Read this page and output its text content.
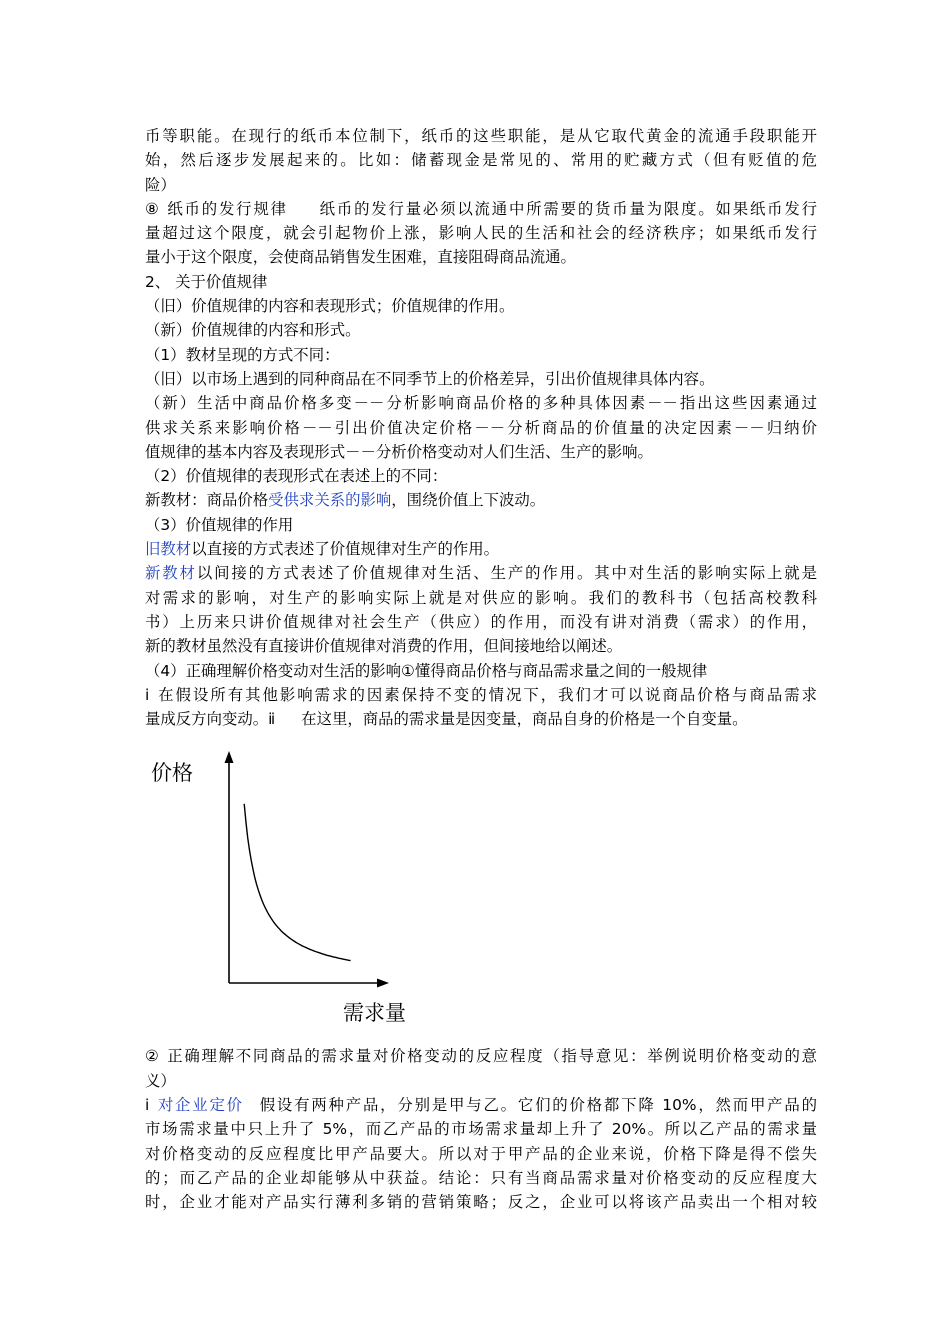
币等职能。在现行的纸币本位制下，纸币的这些职能，是从它取代黄金的流通手段职能开
始，然后逐步发展起来的。比如：储蓄现金是常见的、常用的贮藏方式（但有贬值的危
险）
⑧ 纸币的发行规律 纸币的发行量必须以流通中所需要的货币量为限度。如果纸币发行
量超过这个限度，就会引起物价上涨，影响人民的生活和社会的经济秩序；如果纸币发行
量小于这个限度，会使商品销售发生困难，直接阻碍商品流通。
2、 关于价值规律
（旧）价值规律的内容和表现形式；价值规律的作用。
（新）价值规律的内容和形式。
（1）教材呈现的方式不同：
（旧）以市场上遇到的同种商品在不同季节上的价格差异，引出价值规律具体内容。
（新）生活中商品价格多变－－分析影响商品价格的多种具体因素－－指出这些因素通过
供求关系来影响价格－－引出价值决定价格－－分析商品的价值量的决定因素－－归纳价
值规律的基本内容及表现形式－－分析价格变动对人们生活、生产的影响。
（2）价值规律的表现形式在表述上的不同：
新教材：商品价格受供求关系的影响，围绕价值上下波动。
（3）价值规律的作用
旧教材以直接的方式表述了价值规律对生产的作用。
新教材以间接的方式表述了价值规律对生活、生产的作用。其中对生活的影响实际上就是
对需求的影响，对生产的影响实际上就是对供应的影响。我们的教科书（包括高校教科
书）上历来只讲价值规律对社会生产（供应）的作用，而没有讲对消费（需求）的作用，
新的教材虽然没有直接讲价值规律对消费的作用，但间接地给以阐述。
（4）正确理解价格变动对生活的影响①懂得商品价格与商品需求量之间的一般规律
ⅰ 在假设所有其他影响需求的因素保持不变的情况下，我们才可以说商品价格与商品需求
量成反方向变动。ⅱ 在这里，商品的需求量是因变量，商品自身的价格是一个自变量。
价格
需求量
② 正确理解不同商品的需求量对价格变动的反应程度（指导意见：举例说明价格变动的意
义）
ⅰ 对企业定价 假设有两种产品，分别是甲与乙。它们的价格都下降 10%，然而甲产品的
市场需求量中只上升了 5%，而乙产品的市场需求量却上升了 20%。所以乙产品的需求量
对价格变动的反应程度比甲产品要大。所以对于甲产品的企业来说，价格下降是得不偿失
的；而乙产品的企业却能够从中获益。结论：只有当商品需求量对价格变动的反应程度大
时，企业才能对产品实行薄利多销的营销策略；反之，企业可以将该产品卖出一个相对较
